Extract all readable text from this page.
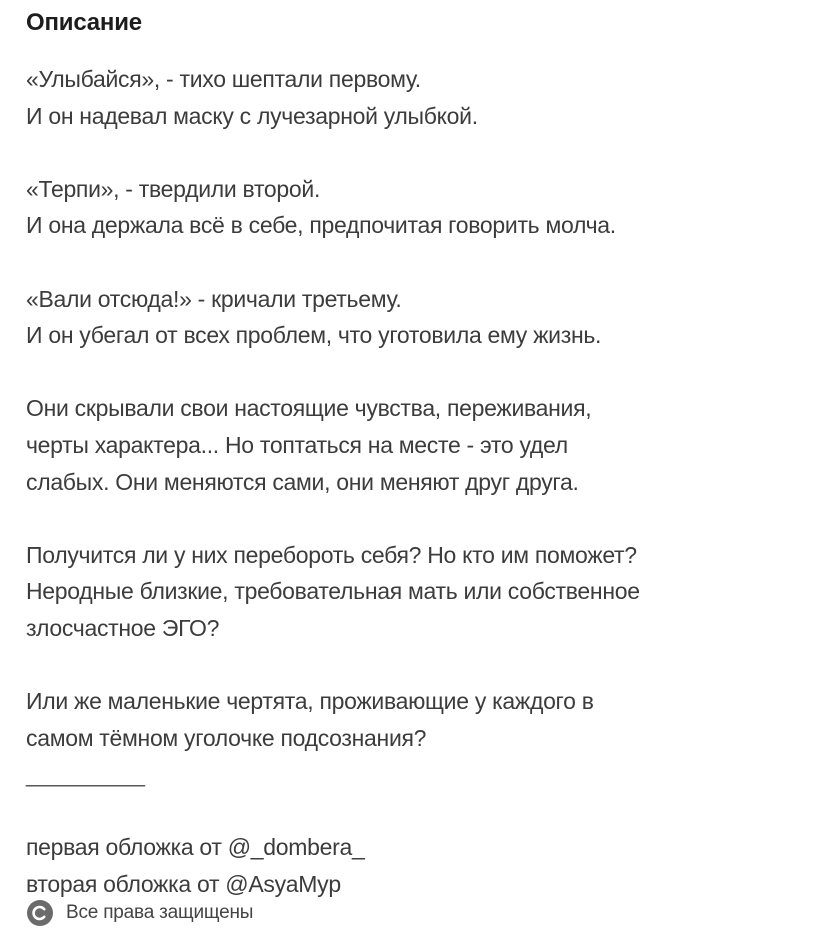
Описание
«Улыбайся», - тихо шептали первому.
И он надевал маску с лучезарной улыбкой.
«Терпи», - твердили второй.
И она держала всё в себе, предпочитая говорить молча.
«Вали отсюда!» - кричали третьему.
И он убегал от всех проблем, что уготовила ему жизнь.
Они скрывали свои настоящие чувства, переживания,
черты характера... Но топтаться на месте - это удел
слабых. Они меняются сами, они меняют друг друга.
Получится ли у них перебороть себя? Но кто им поможет?
Неродные близкие, требовательная мать или собственное
злосчастное ЭГО?
Или же маленькие чертята, проживающие у каждого в
самом тёмном уголочке подсознания?
__________
первая обложка от @_dombera_
вторая обложка от @AsyaMyp
Все права защищены
